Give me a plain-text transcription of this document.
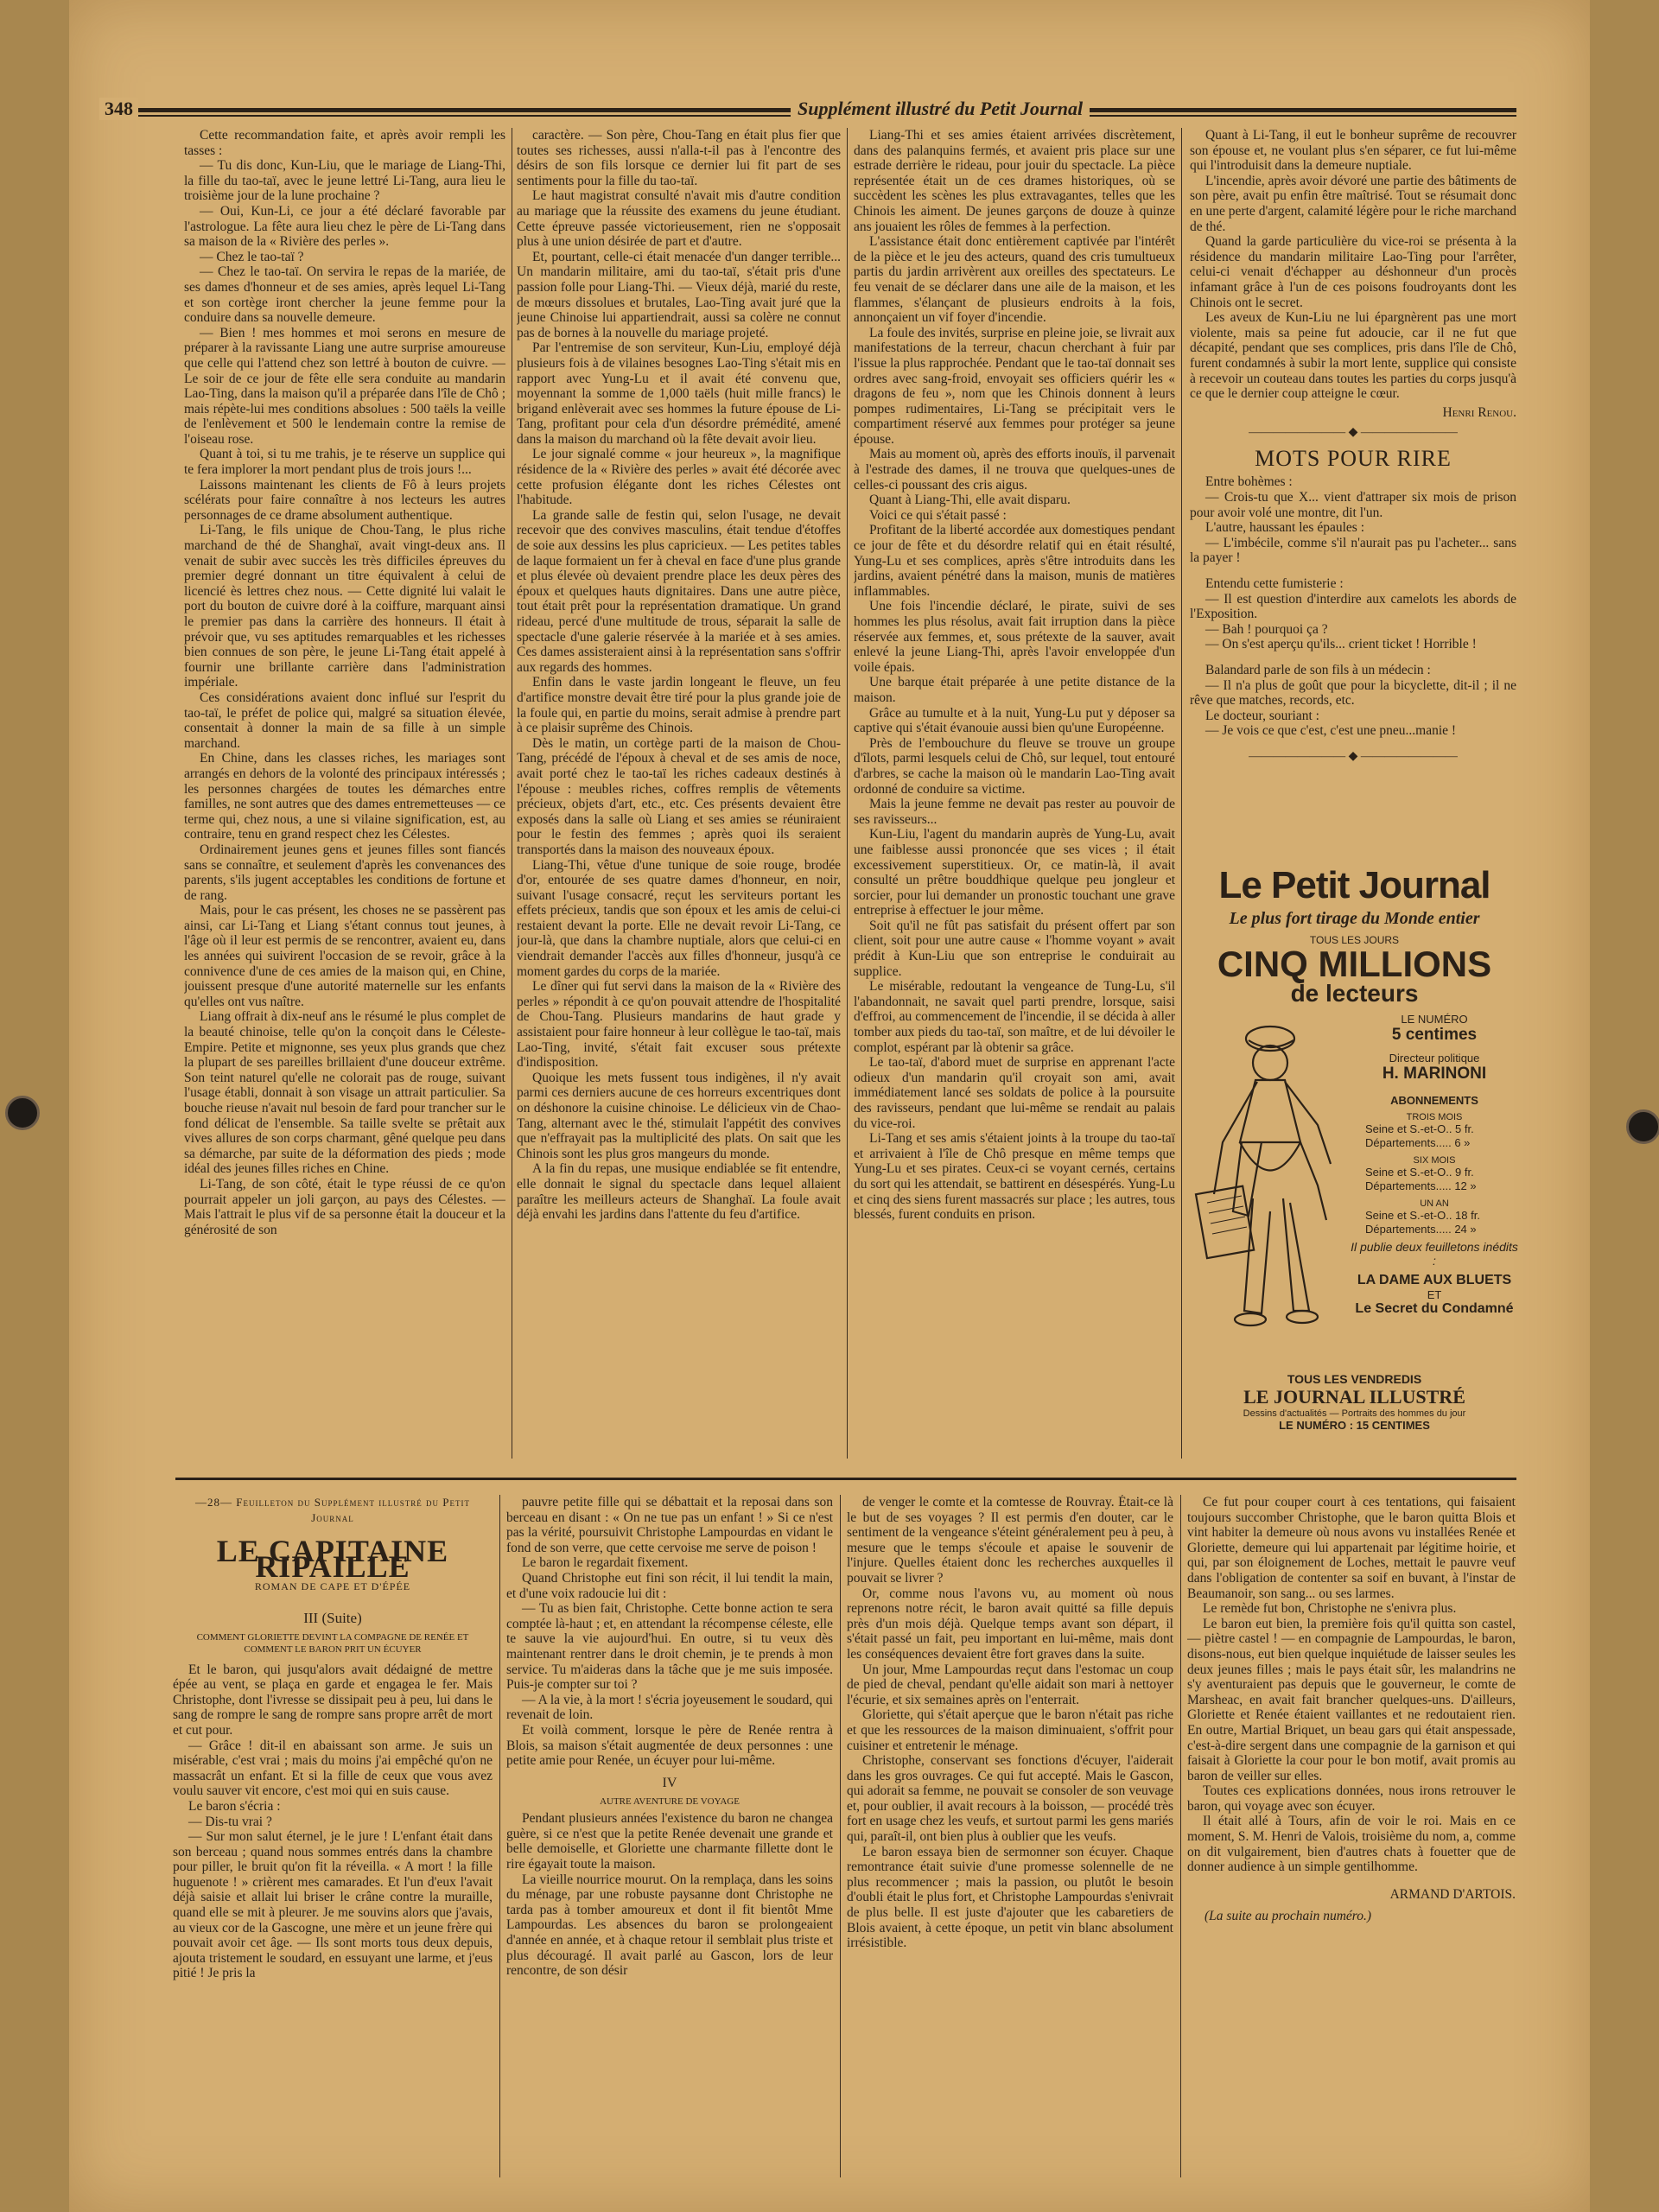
348	Supplément illustré du Petit Journal

Cette recommandation faite, et après avoir rempli les tasses :

— Tu dis donc, Kun-Liu, que le mariage de Liang-Thi, la fille du tao-taï, avec le jeune lettré Li-Tang, aura lieu le troisième jour de la lune prochaine ?

— Oui, Kun-Li, ce jour a été déclaré favorable par l'astrologue. La fête aura lieu chez le père de Li-Tang dans sa maison de la « Rivière des perles ».

— Chez le tao-taï ?

— Chez le tao-taï. On servira le repas de la mariée, de ses dames d'honneur et de ses amies, après lequel Li-Tang et son cortège iront chercher la jeune femme pour la conduire dans sa nouvelle demeure.

— Bien ! mes hommes et moi serons en mesure de préparer à la ravissante Liang une autre surprise amoureuse que celle qui l'attend chez son lettré à bouton de cuivre. — Le soir de ce jour de fête elle sera conduite au mandarin Lao-Ting, dans la maison qu'il a préparée dans l'île de Chô ; mais répète-lui mes conditions absolues : 500 taëls la veille de l'enlèvement et 500 le lendemain contre la remise de l'oiseau rose.

Quant à toi, si tu me trahis, je te réserve un supplice qui te fera implorer la mort pendant plus de trois jours !...

Laissons maintenant les clients de Fô à leurs projets scélérats pour faire connaître à nos lecteurs les autres personnages de ce drame absolument authentique.

Li-Tang, le fils unique de Chou-Tang, le plus riche marchand de thé de Shanghaï, avait vingt-deux ans. Il venait de subir avec succès les très difficiles épreuves du premier degré donnant un titre équivalent à celui de licencié ès lettres chez nous. — Cette dignité lui valait le port du bouton de cuivre doré à la coiffure, marquant ainsi le premier pas dans la carrière des honneurs. Il était à prévoir que, vu ses aptitudes remarquables et les richesses bien connues de son père, le jeune Li-Tang était appelé à fournir une brillante carrière dans l'administration impériale.

Ces considérations avaient donc influé sur l'esprit du tao-taï, le préfet de police qui, malgré sa situation élevée, consentait à donner la main de sa fille à un simple marchand.

En Chine, dans les classes riches, les mariages sont arrangés en dehors de la volonté des principaux intéressés ; les personnes chargées de toutes les démarches entre familles, ne sont autres que des dames entremetteuses — ce terme qui, chez nous, a une si vilaine signification, est, au contraire, tenu en grand respect chez les Célestes.

Ordinairement jeunes gens et jeunes filles sont fiancés sans se connaître, et seulement d'après les convenances des parents, s'ils jugent acceptables les conditions de fortune et de rang.

Mais, pour le cas présent, les choses ne se passèrent pas ainsi, car Li-Tang et Liang s'étant connus tout jeunes, à l'âge où il leur est permis de se rencontrer, avaient eu, dans les années qui suivirent l'occasion de se revoir, grâce à la connivence d'une de ces amies de la maison qui, en Chine, jouissent presque d'une autorité maternelle sur les enfants qu'elles ont vus naître.

Liang offrait à dix-neuf ans le résumé le plus complet de la beauté chinoise, telle qu'on la conçoit dans le Céleste-Empire. Petite et mignonne, ses yeux plus grands que chez la plupart de ses pareilles brillaient d'une douceur extrême. Son teint naturel qu'elle ne colorait pas de rouge, suivant l'usage établi, donnait à son visage un attrait particulier. Sa bouche rieuse n'avait nul besoin de fard pour trancher sur le fond délicat de l'ensemble. Sa taille svelte se prêtait aux vives allures de son corps charmant, gêné quelque peu dans sa démarche, par suite de la déformation des pieds ; mode idéal des jeunes filles riches en Chine.

Li-Tang, de son côté, était le type réussi de ce qu'on pourrait appeler un joli garçon, au pays des Célestes. — Mais l'attrait le plus vif de sa personne était la douceur et la générosité de son

caractère. — Son père, Chou-Tang en était plus fier que toutes ses richesses, aussi n'alla-t-il pas à l'encontre des désirs de son fils lorsque ce dernier lui fit part de ses sentiments pour la fille du tao-taï.

Le haut magistrat consulté n'avait mis d'autre condition au mariage que la réussite des examens du jeune étudiant. Cette épreuve passée victorieusement, rien ne s'opposait plus à une union désirée de part et d'autre.

Et, pourtant, celle-ci était menacée d'un danger terrible... Un mandarin militaire, ami du tao-taï, s'était pris d'une passion folle pour Liang-Thi. — Vieux déjà, marié du reste, de mœurs dissolues et brutales, Lao-Ting avait juré que la jeune Chinoise lui appartiendrait, aussi sa colère ne connut pas de bornes à la nouvelle du mariage projeté.

Par l'entremise de son serviteur, Kun-Liu, employé déjà plusieurs fois à de vilaines besognes Lao-Ting s'était mis en rapport avec Yung-Lu et il avait été convenu que, moyennant la somme de 1,000 taëls (huit mille francs) le brigand enlèverait avec ses hommes la future épouse de Li-Tang, profitant pour cela d'un désordre prémédité, amené dans la maison du marchand où la fête devait avoir lieu.

Le jour signalé comme « jour heureux », la magnifique résidence de la « Rivière des perles » avait été décorée avec cette profusion élégante dont les riches Célestes ont l'habitude.

La grande salle de festin qui, selon l'usage, ne devait recevoir que des convives masculins, était tendue d'étoffes de soie aux dessins les plus capricieux. — Les petites tables de laque formaient un fer à cheval en face d'une plus grande et plus élevée où devaient prendre place les deux pères des époux et quelques hauts dignitaires. Dans une autre pièce, tout était prêt pour la représentation dramatique. Un grand rideau, percé d'une multitude de trous, séparait la salle de spectacle d'une galerie réservée à la mariée et à ses amies. Ces dames assisteraient ainsi à la représentation sans s'offrir aux regards des hommes.

Enfin dans le vaste jardin longeant le fleuve, un feu d'artifice monstre devait être tiré pour la plus grande joie de la foule qui, en partie du moins, serait admise à prendre part à ce plaisir suprême des Chinois.

Dès le matin, un cortège parti de la maison de Chou-Tang, précédé de l'époux à cheval et de ses amis de noce, avait porté chez le tao-taï les riches cadeaux destinés à l'épouse : meubles riches, coffres remplis de vêtements précieux, objets d'art, etc., etc. Ces présents devaient être exposés dans la salle où Liang et ses amies se réuniraient pour le festin des femmes ; après quoi ils seraient transportés dans la maison des nouveaux époux.

Liang-Thi, vêtue d'une tunique de soie rouge, brodée d'or, entourée de ses quatre dames d'honneur, en noir, suivant l'usage consacré, reçut les serviteurs portant les effets précieux, tandis que son époux et les amis de celui-ci restaient devant la porte. Elle ne devait revoir Li-Tang, ce jour-là, que dans la chambre nuptiale, alors que celui-ci en viendrait demander l'accès aux filles d'honneur, jusqu'à ce moment gardes du corps de la mariée.

Le dîner qui fut servi dans la maison de la « Rivière des perles » répondit à ce qu'on pouvait attendre de l'hospitalité de Chou-Tang. Plusieurs mandarins de haut grade y assistaient pour faire honneur à leur collègue le tao-taï, mais Lao-Ting, invité, s'était fait excuser sous prétexte d'indisposition.

Quoique les mets fussent tous indigènes, il n'y avait parmi ces derniers aucune de ces horreurs excentriques dont on déshonore la cuisine chinoise. Le délicieux vin de Chao-Tang, alternant avec le thé, stimulait l'appétit des convives que n'effrayait pas la multiplicité des plats. On sait que les Chinois sont les plus gros mangeurs du monde.

A la fin du repas, une musique endiablée se fit entendre, elle donnait le signal du spectacle dans lequel allaient paraître les meilleurs acteurs de Shanghaï. La foule avait déjà envahi les jardins dans l'attente du feu d'artifice.

Liang-Thi et ses amies étaient arrivées discrètement, dans des palanquins fermés, et avaient pris place sur une estrade derrière le rideau, pour jouir du spectacle. La pièce représentée était un de ces drames historiques, où se succèdent les scènes les plus extravagantes, telles que les Chinois les aiment. De jeunes garçons de douze à quinze ans jouaient les rôles de femmes à la perfection.

L'assistance était donc entièrement captivée par l'intérêt de la pièce et le jeu des acteurs, quand des cris tumultueux partis du jardin arrivèrent aux oreilles des spectateurs. Le feu venait de se déclarer dans une aile de la maison, et les flammes, s'élançant de plusieurs endroits à la fois, annonçaient un vif foyer d'incendie.

La foule des invités, surprise en pleine joie, se livrait aux manifestations de la terreur, chacun cherchant à fuir par l'issue la plus rapprochée. Pendant que le tao-taï donnait ses ordres avec sang-froid, envoyait ses officiers quérir les « dragons de feu », nom que les Chinois donnent à leurs pompes rudimentaires, Li-Tang se précipitait vers le compartiment réservé aux femmes pour protéger sa jeune épouse.

Mais au moment où, après des efforts inouïs, il parvenait à l'estrade des dames, il ne trouva que quelques-unes de celles-ci poussant des cris aigus.

Quant à Liang-Thi, elle avait disparu.

Voici ce qui s'était passé :

Profitant de la liberté accordée aux domestiques pendant ce jour de fête et du désordre relatif qui en était résulté, Yung-Lu et ses complices, après s'être introduits dans les jardins, avaient pénétré dans la maison, munis de matières inflammables.

Une fois l'incendie déclaré, le pirate, suivi de ses hommes les plus résolus, avait fait irruption dans la pièce réservée aux femmes, et, sous prétexte de la sauver, avait enlevé la jeune Liang-Thi, après l'avoir enveloppée d'un voile épais.

Une barque était préparée à une petite distance de la maison.

Grâce au tumulte et à la nuit, Yung-Lu put y déposer sa captive qui s'était évanouie aussi bien qu'une Européenne.

Près de l'embouchure du fleuve se trouve un groupe d'îlots, parmi lesquels celui de Chô, sur lequel, tout entouré d'arbres, se cache la maison où le mandarin Lao-Ting avait ordonné de conduire sa victime.

Mais la jeune femme ne devait pas rester au pouvoir de ses ravisseurs...

Kun-Liu, l'agent du mandarin auprès de Yung-Lu, avait une faiblesse aussi prononcée que ses vices ; il était excessivement superstitieux. Or, ce matin-là, il avait consulté un prêtre bouddhique quelque peu jongleur et sorcier, pour lui demander un pronostic touchant une grave entreprise à effectuer le jour même.

Soit qu'il ne fût pas satisfait du présent offert par son client, soit pour une autre cause « l'homme voyant » avait prédit à Kun-Liu que son entreprise le conduirait au supplice.

Le misérable, redoutant la vengeance de Tung-Lu, s'il l'abandonnait, ne savait quel parti prendre, lorsque, saisi d'effroi, au commencement de l'incendie, il se décida à aller tomber aux pieds du tao-taï, son maître, et de lui dévoiler le complot, espérant par là obtenir sa grâce.

Le tao-taï, d'abord muet de surprise en apprenant l'acte odieux d'un mandarin qu'il croyait son ami, avait immédiatement lancé ses soldats de police à la poursuite des ravisseurs, pendant que lui-même se rendait au palais du vice-roi.

Li-Tang et ses amis s'étaient joints à la troupe du tao-taï et arrivaient à l'île de Chô presque en même temps que Yung-Lu et ses pirates. Ceux-ci se voyant cernés, certains du sort qui les attendait, se battirent en désespérés. Yung-Lu et cinq des siens furent massacrés sur place ; les autres, tous blessés, furent conduits en prison.

Quant à Li-Tang, il eut le bonheur suprême de recouvrer son épouse et, ne voulant plus s'en séparer, ce fut lui-même qui l'introduisit dans la demeure nuptiale.

L'incendie, après avoir dévoré une partie des bâtiments de son père, avait pu enfin être maîtrisé. Tout se résumait donc en une perte d'argent, calamité légère pour le riche marchand de thé.

Quand la garde particulière du vice-roi se présenta à la résidence du mandarin militaire Lao-Ting pour l'arrêter, celui-ci venait d'échapper au déshonneur d'un procès infamant grâce à l'un de ces poisons foudroyants dont les Chinois ont le secret.

Les aveux de Kun-Liu ne lui épargnèrent pas une mort violente, mais sa peine fut adoucie, car il ne fut que décapité, pendant que ses complices, pris dans l'île de Chô, furent condamnés à subir la mort lente, supplice qui consiste à recevoir un couteau dans toutes les parties du corps jusqu'à ce que le dernier coup atteigne le cœur.

Henri Renou.
———————— ◆ ————————
MOTS POUR RIRE

Entre bohèmes :

— Crois-tu que X... vient d'attraper six mois de prison pour avoir volé une montre, dit l'un.

L'autre, haussant les épaules :

— L'imbécile, comme s'il n'aurait pas pu l'acheter... sans la payer !

Entendu cette fumisterie :

— Il est question d'interdire aux camelots les abords de l'Exposition.

— Bah ! pourquoi ça ?

— On s'est aperçu qu'ils... crient ticket ! Horrible !

Balandard parle de son fils à un médecin :

— Il n'a plus de goût que pour la bicyclette, dit-il ; il ne rêve que matches, records, etc.

Le docteur, souriant :

— Je vois ce que c'est, c'est une pneu...manie !

———————— ◆ ————————
Le Petit Journal
Le plus fort tirage du Monde entier
TOUS LES JOURS
CINQ MILLIONS
de lecteurs
LE NUMÉRO
5 centimes
Directeur politique
H. MARINONI
ABONNEMENTS
TROIS MOIS
Seine et S.-et-O.. 5 fr.
Départements..... 6 »
SIX MOIS
Seine et S.-et-O.. 9 fr.
Départements..... 12 »
UN AN
Seine et S.-et-O.. 18 fr.
Départements..... 24 »
Il publie deux feuilletons inédits :
LA DAME AUX BLUETS
ET
Le Secret du Condamné
TOUS LES VENDREDIS
LE JOURNAL ILLUSTRÉ
Dessins d'actualités — Portraits des hommes du jour
LE NUMÉRO : 15 CENTIMES
—28— Feuilleton du Supplément illustré du Petit Journal
LE CAPITAINE RIPAILLE
ROMAN DE CAPE ET D'ÉPÉE
III (Suite)
COMMENT GLORIETTE DEVINT LA COMPAGNE DE RENÉE ET COMMENT LE BARON PRIT UN ÉCUYER

Et le baron, qui jusqu'alors avait dédaigné de mettre épée au vent, se plaça en garde et engagea le fer. Mais Christophe, dont l'ivresse se dissipait peu à peu, lui dans le sang de rompre le sang de rompre sans propre arrêt de mort et cut pour.

— Grâce ! dit-il en abaissant son arme. Je suis un misérable, c'est vrai ; mais du moins j'ai empêché qu'on ne massacrât un enfant. Et si la fille de ceux que vous avez voulu sauver vit encore, c'est moi qui en suis cause.

Le baron s'écria :

— Dis-tu vrai ?

— Sur mon salut éternel, je le jure ! L'enfant était dans son berceau ; quand nous sommes entrés dans la chambre pour piller, le bruit qu'on fit la réveilla. « A mort ! la fille huguenote ! » crièrent mes camarades. Et l'un d'eux l'avait déjà saisie et allait lui briser le crâne contre la muraille, quand elle se mit à pleurer. Je me souvins alors que j'avais, au vieux cor de la Gascogne, une mère et un jeune frère qui pouvait avoir cet âge. — Ils sont morts tous deux depuis, ajouta tristement le soudard, en essuyant une larme, et j'eus pitié ! Je pris la

pauvre petite fille qui se débattait et la reposai dans son berceau en disant : « On ne tue pas un enfant ! » Si ce n'est pas la vérité, poursuivit Christophe Lampourdas en vidant le fond de son verre, que cette cervoise me serve de poison !

Le baron le regardait fixement.

Quand Christophe eut fini son récit, il lui tendit la main, et d'une voix radoucie lui dit :

— Tu as bien fait, Christophe. Cette bonne action te sera comptée là-haut ; et, en attendant la récompense céleste, elle te sauve la vie aujourd'hui. En outre, si tu veux dès maintenant rentrer dans le droit chemin, je te prends à mon service. Tu m'aideras dans la tâche que je me suis imposée. Puis-je compter sur toi ?

— A la vie, à la mort ! s'écria joyeusement le soudard, qui revenait de loin.

Et voilà comment, lorsque le père de Renée rentra à Blois, sa maison s'était augmentée de deux personnes : une petite amie pour Renée, un écuyer pour lui-même.

IV
AUTRE AVENTURE DE VOYAGE

Pendant plusieurs années l'existence du baron ne changea guère, si ce n'est que la petite Renée devenait une grande et belle demoiselle, et Gloriette une charmante fillette dont le rire égayait toute la maison.

La vieille nourrice mourut. On la remplaça, dans les soins du ménage, par une robuste paysanne dont Christophe ne tarda pas à tomber amoureux et dont il fit bientôt Mme Lampourdas. Les absences du baron se prolongeaient d'année en année, et à chaque retour il semblait plus triste et plus découragé. Il avait parlé au Gascon, lors de leur rencontre, de son désir

de venger le comte et la comtesse de Rouvray. Était-ce là le but de ses voyages ? Il est permis d'en douter, car le sentiment de la vengeance s'éteint généralement peu à peu, à mesure que le temps s'écoule et apaise le souvenir de l'injure. Quelles étaient donc les recherches auxquelles il pouvait se livrer ?

Or, comme nous l'avons vu, au moment où nous reprenons notre récit, le baron avait quitté sa fille depuis près d'un mois déjà. Quelque temps avant son départ, il s'était passé un fait, peu important en lui-même, mais dont les conséquences devaient être fort graves dans la suite.

Un jour, Mme Lampourdas reçut dans l'estomac un coup de pied de cheval, pendant qu'elle aidait son mari à nettoyer l'écurie, et six semaines après on l'enterrait.

Gloriette, qui s'était aperçue que le baron n'était pas riche et que les ressources de la maison diminuaient, s'offrit pour cuisiner et entretenir le ménage.

Christophe, conservant ses fonctions d'écuyer, l'aiderait dans les gros ouvrages. Ce qui fut accepté. Mais le Gascon, qui adorait sa femme, ne pouvait se consoler de son veuvage et, pour oublier, il avait recours à la boisson, — procédé très fort en usage chez les veufs, et surtout parmi les gens mariés qui, paraît-il, ont bien plus à oublier que les veufs.

Le baron essaya bien de sermonner son écuyer. Chaque remontrance était suivie d'une promesse solennelle de ne plus recommencer ; mais la passion, ou plutôt le besoin d'oubli était le plus fort, et Christophe Lampourdas s'enivrait de plus belle. Il est juste d'ajouter que les cabaretiers de Blois avaient, à cette époque, un petit vin blanc absolument irrésistible.

Ce fut pour couper court à ces tentations, qui faisaient toujours succomber Christophe, que le baron quitta Blois et vint habiter la demeure où nous avons vu installées Renée et Gloriette, demeure qui lui appartenait par légitime hoirie, et qui, par son éloignement de Loches, mettait le pauvre veuf dans l'obligation de contenter sa soif en buvant, à l'instar de Beaumanoir, son sang... ou ses larmes.

Le remède fut bon, Christophe ne s'enivra plus.

Le baron eut bien, la première fois qu'il quitta son castel, — piètre castel ! — en compagnie de Lampourdas, le baron, disons-nous, eut bien quelque inquiétude de laisser seules les deux jeunes filles ; mais le pays était sûr, les malandrins ne s'y aventuraient pas depuis que le gouverneur, le comte de Marsheac, en avait fait brancher quelques-uns. D'ailleurs, Gloriette et Renée étaient vaillantes et ne redoutaient rien. En outre, Martial Briquet, un beau gars qui était anspessade, c'est-à-dire sergent dans une compagnie de la garnison et qui faisait à Gloriette la cour pour le bon motif, avait promis au baron de veiller sur elles.

Toutes ces explications données, nous irons retrouver le baron, qui voyage avec son écuyer.

Il était allé à Tours, afin de voir le roi. Mais en ce moment, S. M. Henri de Valois, troisième du nom, a, comme on dit vulgairement, bien d'autres chats à fouetter que de donner audience à un simple gentilhomme.

ARMAND D'ARTOIS.
(La suite au prochain numéro.)
